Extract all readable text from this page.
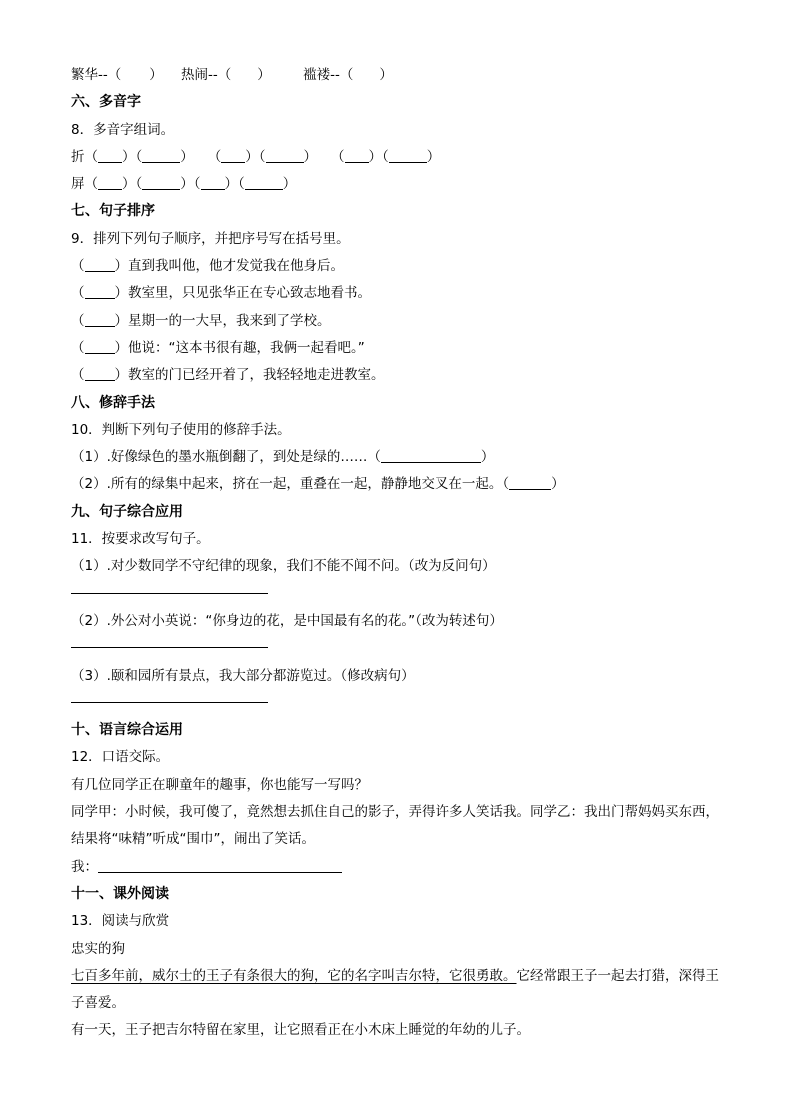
繁华--（ ） 热闹--（ ） 褴褛--（ ）
六、多音字
8．多音字组词。
折（ ）（	） （ ）（	） （ ）（	）
屏（ ）（	）（ ）（	）
七、句子排序
9．排列下列句子顺序，并把序号写在括号里。
（ ）直到我叫他，他才发觉我在他身后。
（ ）教室里，只见张华正在专心致志地看书。
（ ）星期一的一大早，我来到了学校。
（ ）他说：“这本书很有趣，我俩一起看吧。”
（ ）教室的门已经开着了，我轻轻地走进教室。
八、修辞手法
10．判断下列句子使用的修辞手法。
（1）.好像绿色的墨水瓶倒翻了，到处是绿的……（	）
（2）.所有的绿集中起来，挤在一起，重叠在一起，静静地交叉在一起。（	）
九、句子综合应用
11．按要求改写句子。
（1）.对少数同学不守纪律的现象，我们不能不闻不问。（改为反问句）
（2）.外公对小英说：“你身边的花，是中国最有名的花。”（改为转述句）
（3）.颐和园所有景点，我大部分都游览过。（修改病句）
十、语言综合运用
12．口语交际。
有几位同学正在聊童年的趣事，你也能写一写吗？
同学甲：小时候，我可傻了，竟然想去抓住自己的影子，弄得许多人笑话我。同学乙：我出门帮妈妈买东西，结果将“味精”听成“围巾”，闹出了笑话。
我：
十一、课外阅读
13．阅读与欣赏
忠实的狗
七百多年前，威尔士的王子有条很大的狗，它的名字叫吉尔特，它很勇敢。它经常跟王子一起去打猎，深得王子喜爱。
有一天，王子把吉尔特留在家里，让它照看正在小木床上睡觉的年幼的儿子。
